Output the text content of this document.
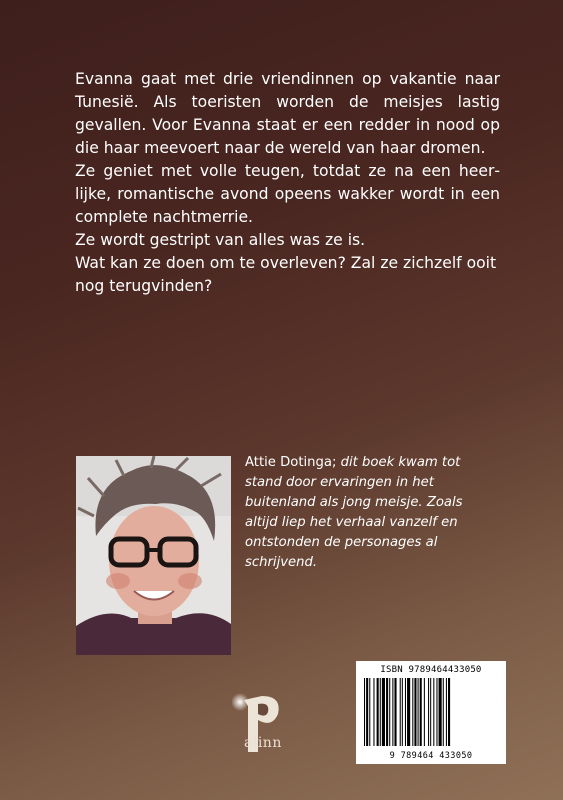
Evanna gaat met drie vriendinnen op vakantie naar Tunesië. Als toeristen worden de meisjes lastig gevallen. Voor Evanna staat er een redder in nood op die haar meevoert naar de wereld van haar dromen.

Ze geniet met volle teugen, totdat ze na een heerlijke, romantische avond opeens wakker wordt in een complete nachtmerrie.

Ze wordt gestript van alles was ze is.

Wat kan ze doen om te overleven? Zal ze zichzelf ooit nog terugvinden?

Attie Dotinga; dit boek kwam tot stand door ervaringen in het buitenland als jong meisje. Zoals altijd liep het verhaal vanzelf en ontstonden de personages al schrijvend.
alinn
ISBN 9789464433050
9 789464 433050
